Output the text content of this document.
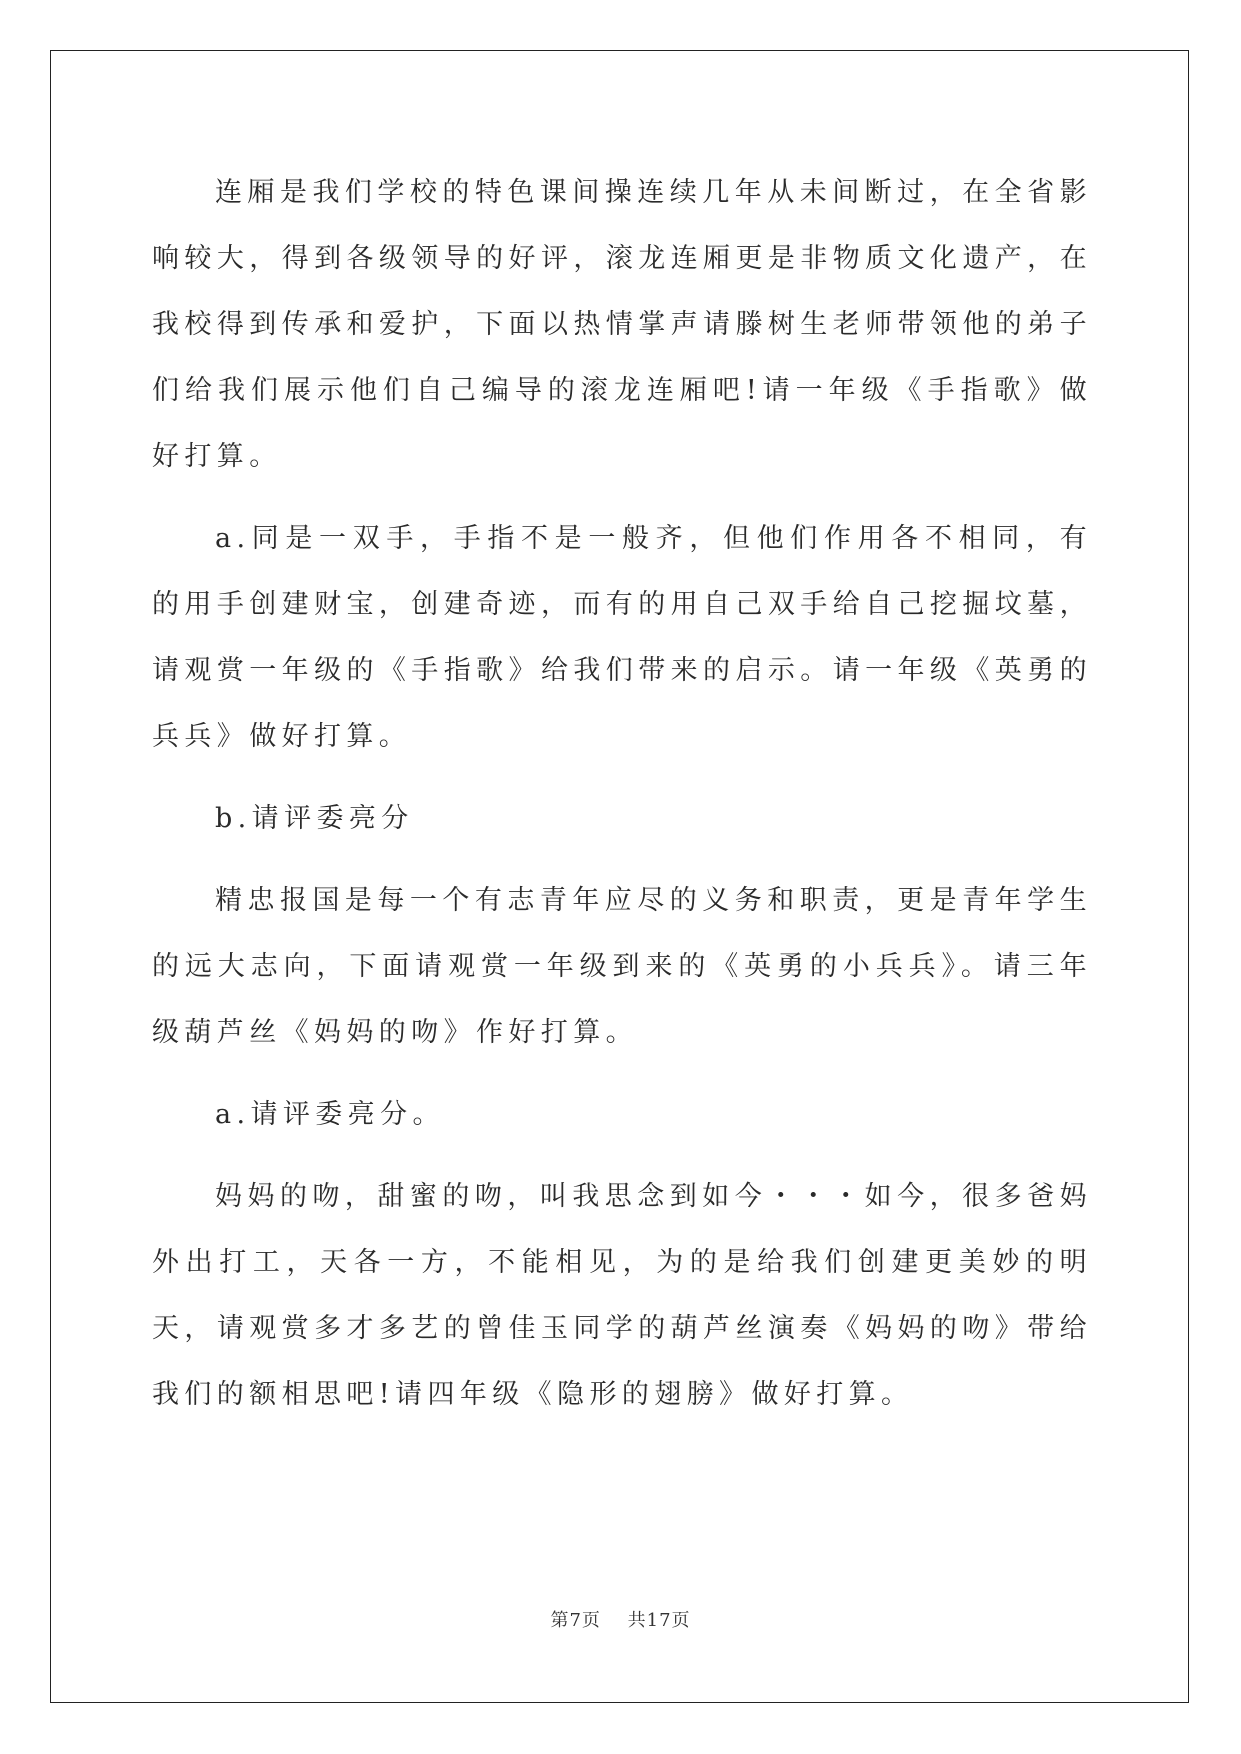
连厢是我们学校的特色课间操连续几年从未间断过，在全省影响较大，得到各级领导的好评，滚龙连厢更是非物质文化遗产，在我校得到传承和爱护，下面以热情掌声请滕树生老师带领他的弟子们给我们展示他们自己编导的滚龙连厢吧!请一年级《手指歌》做好打算。

a.同是一双手，手指不是一般齐，但他们作用各不相同，有的用手创建财宝，创建奇迹，而有的用自己双手给自己挖掘坟墓，请观赏一年级的《手指歌》给我们带来的启示。请一年级《英勇的兵兵》做好打算。

b.请评委亮分

精忠报国是每一个有志青年应尽的义务和职责，更是青年学生的远大志向，下面请观赏一年级到来的《英勇的小兵兵》。请三年级葫芦丝《妈妈的吻》作好打算。

a.请评委亮分。

妈妈的吻，甜蜜的吻，叫我思念到如今・・・如今，很多爸妈外出打工，天各一方，不能相见，为的是给我们创建更美妙的明天，请观赏多才多艺的曾佳玉同学的葫芦丝演奏《妈妈的吻》带给我们的额相思吧!请四年级《隐形的翅膀》做好打算。

第7页 共17页
